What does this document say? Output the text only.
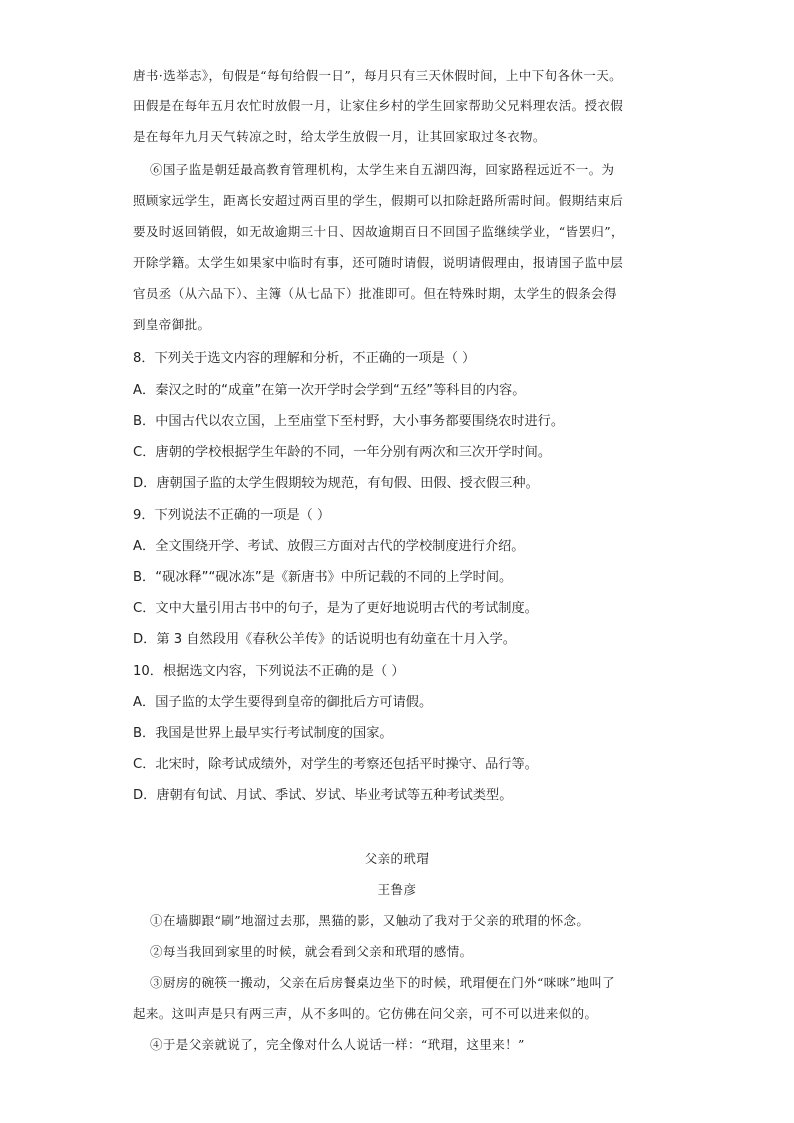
唐书·选举志》，旬假是“每旬给假一日”，每月只有三天休假时间，上中下旬各休一天。
田假是在每年五月农忙时放假一月，让家住乡村的学生回家帮助父兄料理农活。授衣假
是在每年九月天气转凉之时，给太学生放假一月，让其回家取过冬衣物。
⑥国子监是朝廷最高教育管理机构，太学生来自五湖四海，回家路程远近不一。为
照顾家远学生，距离长安超过两百里的学生，假期可以扣除赶路所需时间。假期结束后
要及时返回销假，如无故逾期三十日、因故逾期百日不回国子监继续学业，“皆罢归”，
开除学籍。太学生如果家中临时有事，还可随时请假，说明请假理由，报请国子监中层
官员丞（从六品下）、主簿（从七品下）批准即可。但在特殊时期，太学生的假条会得
到皇帝御批。
8．下列关于选文内容的理解和分析，不正确的一项是（ ）
A．秦汉之时的“成童”在第一次开学时会学到“五经”等科目的内容。
B．中国古代以农立国，上至庙堂下至村野，大小事务都要围绕农时进行。
C．唐朝的学校根据学生年龄的不同，一年分别有两次和三次开学时间。
D．唐朝国子监的太学生假期较为规范，有旬假、田假、授衣假三种。
9．下列说法不正确的一项是（ ）
A．全文围绕开学、考试、放假三方面对古代的学校制度进行介绍。
B．“砚冰释”“砚冰冻”是《新唐书》中所记载的不同的上学时间。
C．文中大量引用古书中的句子，是为了更好地说明古代的考试制度。
D．第 3 自然段用《春秋公羊传》的话说明也有幼童在十月入学。
10．根据选文内容，下列说法不正确的是（ ）
A．国子监的太学生要得到皇帝的御批后方可请假。
B．我国是世界上最早实行考试制度的国家。
C．北宋时，除考试成绩外，对学生的考察还包括平时操守、品行等。
D．唐朝有旬试、月试、季试、岁试、毕业考试等五种考试类型。
父亲的玳瑁
王鲁彦
①在墙脚跟“刷”地溜过去那，黑猫的影，又触动了我对于父亲的玳瑁的怀念。
②每当我回到家里的时候，就会看到父亲和玳瑁的感情。
③厨房的碗筷一搬动，父亲在后房餐桌边坐下的时候，玳瑁便在门外“咪咪”地叫了
起来。这叫声是只有两三声，从不多叫的。它仿佛在问父亲，可不可以进来似的。
④于是父亲就说了，完全像对什么人说话一样：“玳瑁，这里来！”
